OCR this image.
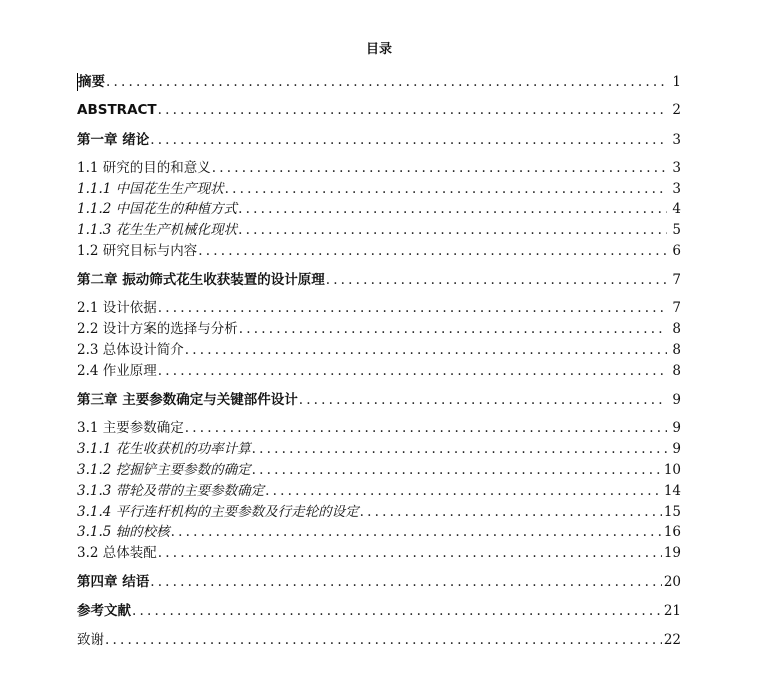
目录
摘要 .....	1
ABSTRACT .....	2
第一章 绪论 .....	3
1.1 研究的目的和意义 .....	3
1.1.1 中国花生生产现状 .....	3
1.1.2 中国花生的种植方式 .....	4
1.1.3 花生生产机械化现状 .....	5
1.2 研究目标与内容 .....	6
第二章 振动筛式花生收获装置的设计原理 .....	7
2.1 设计依据 .....	7
2.2 设计方案的选择与分析 .....	8
2.3 总体设计简介 .....	8
2.4 作业原理 .....	8
第三章 主要参数确定与关键部件设计 .....	9
3.1 主要参数确定 .....	9
3.1.1 花生收获机的功率计算 .....	9
3.1.2 挖掘铲主要参数的确定 .....	10
3.1.3 带轮及带的主要参数确定 .....	14
3.1.4 平行连杆机构的主要参数及行走轮的设定 .....	15
3.1.5 轴的校核 .....	16
3.2 总体装配 .....	19
第四章 结语 .....	20
参考文献 .....	21
致谢 .....	22
